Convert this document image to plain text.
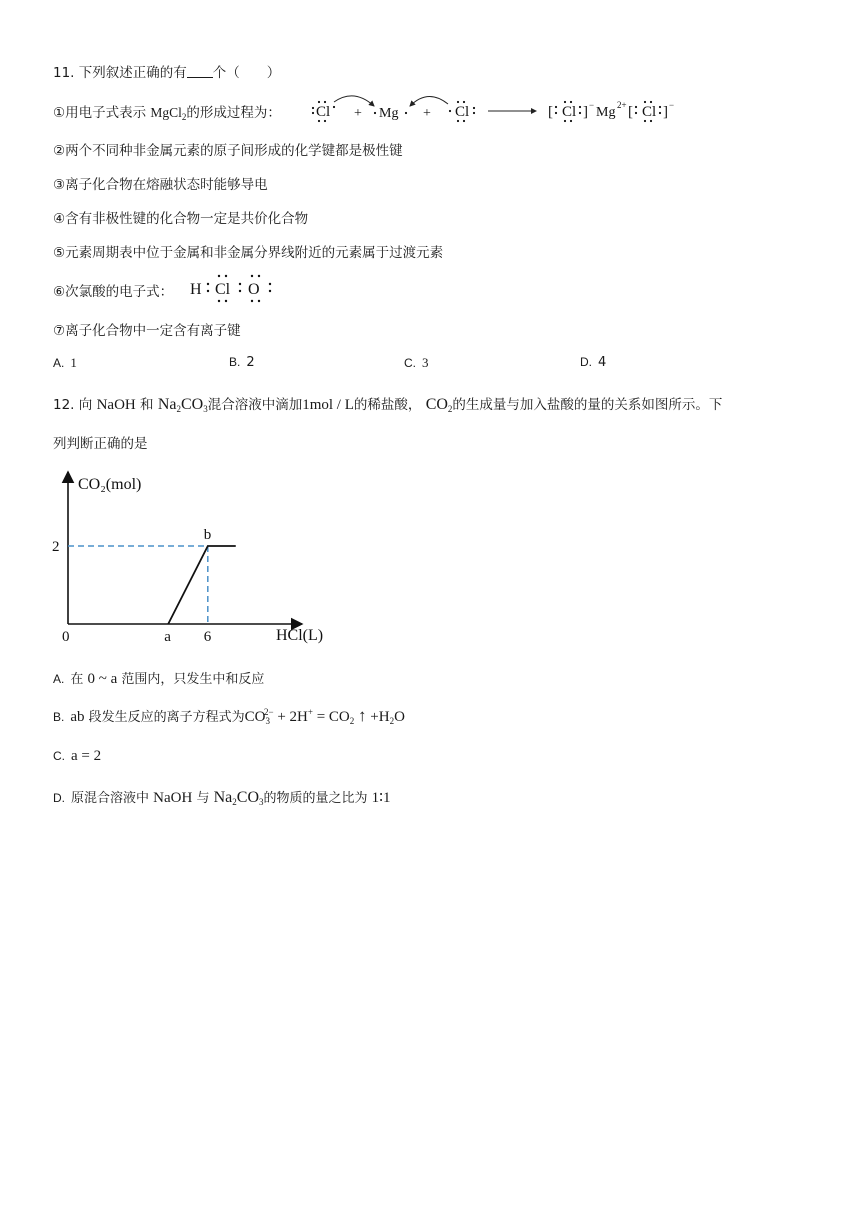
11. 下列叙述正确的有 个（　　）
①用电子式表示 MgCl$_2$的形成过程为： Cl + Mg + Cl	[ Cl ] − Mg 2+ [ Cl ] −
②两个不同种非金属元素的原子间形成的化学键都是极性键
③离子化合物在熔融状态时能够导电
④含有非极性键的化合物一定是共价化合物
⑤元素周期表中位于金属和非金属分界线附近的元素属于过渡元素
⑥次氯酸的电子式： H Cl O
⑦离子化合物中一定含有离子键
A. 1	B. 2	C. 3	D. 4
12. 向 NaOH 和 $Na_2CO_3$混合溶液中滴加1mol / L的稀盐酸， $CO_2$的生成量与加入盐酸的量的关系如图所示。下
列判断正确的是
CO₂(mol)
HCl(L)
0
2
a 6
b
A. 在 0 ~ a 范围内，只发生中和反应
B. ab 段发生反应的离子方程式为$CO_3^{2-} + 2H^+ = CO_2$ ↑ $+H_2O$
C. a = 2
D. 原混合溶液中 NaOH 与 $Na_2CO_3$的物质的量之比为 1∶1
